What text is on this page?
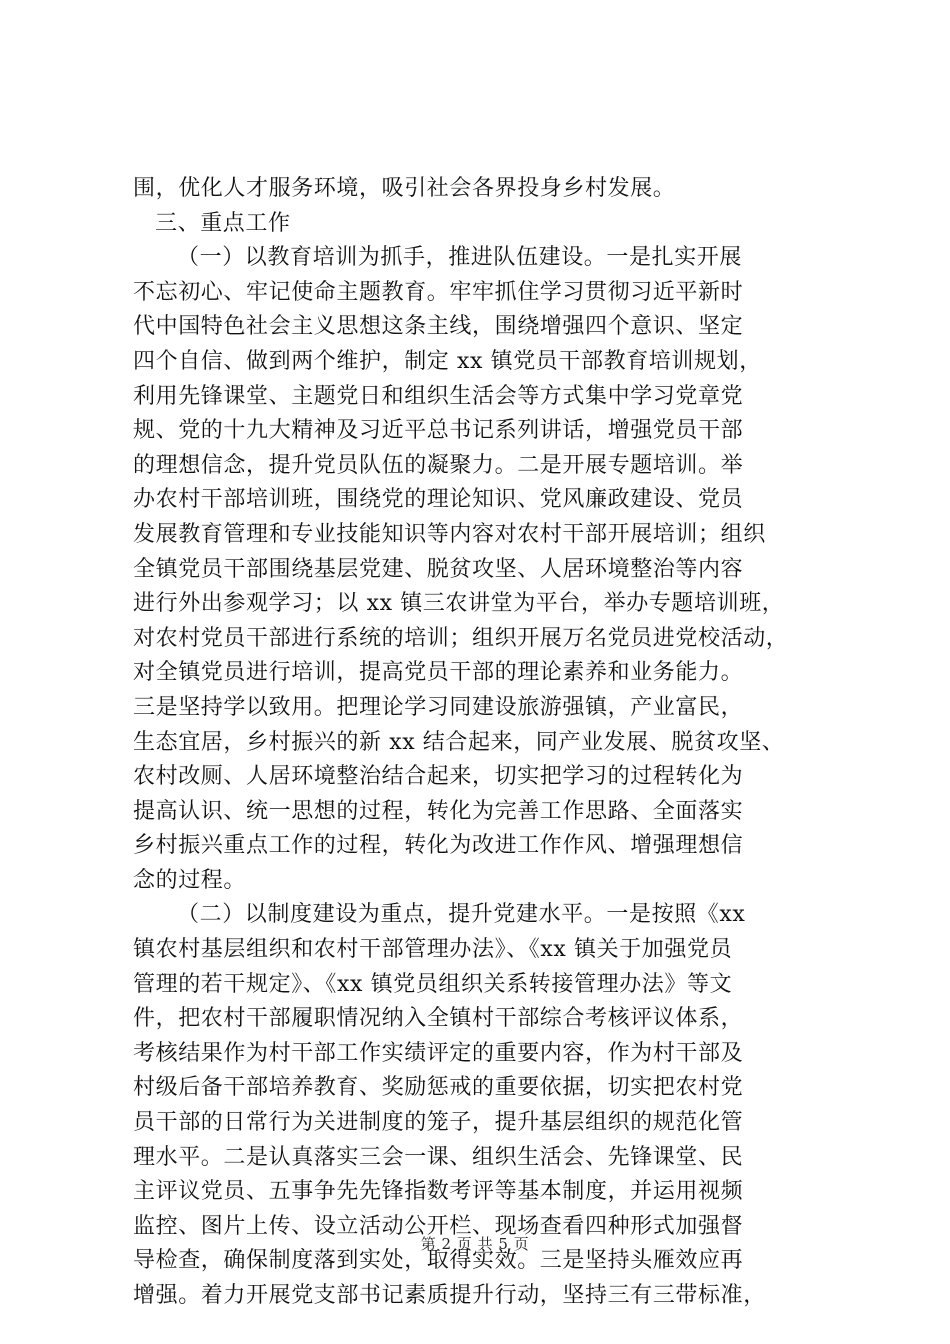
围，优化人才服务环境，吸引社会各界投身乡村发展。
三、重点工作
（一）以教育培训为抓手，推进队伍建设。一是扎实开展
不忘初心、牢记使命主题教育。牢牢抓住学习贯彻习近平新时
代中国特色社会主义思想这条主线，围绕增强四个意识、坚定
四个自信、做到两个维护，制定 xx 镇党员干部教育培训规划，
利用先锋课堂、主题党日和组织生活会等方式集中学习党章党
规、党的十九大精神及习近平总书记系列讲话，增强党员干部
的理想信念，提升党员队伍的凝聚力。二是开展专题培训。举
办农村干部培训班，围绕党的理论知识、党风廉政建设、党员
发展教育管理和专业技能知识等内容对农村干部开展培训；组织
全镇党员干部围绕基层党建、脱贫攻坚、人居环境整治等内容
进行外出参观学习；以 xx 镇三农讲堂为平台，举办专题培训班，
对农村党员干部进行系统的培训；组织开展万名党员进党校活动，
对全镇党员进行培训，提高党员干部的理论素养和业务能力。
三是坚持学以致用。把理论学习同建设旅游强镇，产业富民，
生态宜居，乡村振兴的新 xx 结合起来，同产业发展、脱贫攻坚、
农村改厕、人居环境整治结合起来，切实把学习的过程转化为
提高认识、统一思想的过程，转化为完善工作思路、全面落实
乡村振兴重点工作的过程，转化为改进工作作风、增强理想信
念的过程。
（二）以制度建设为重点，提升党建水平。一是按照《xx
镇农村基层组织和农村干部管理办法》、《xx 镇关于加强党员
管理的若干规定》、《xx 镇党员组织关系转接管理办法》等文
件，把农村干部履职情况纳入全镇村干部综合考核评议体系，
考核结果作为村干部工作实绩评定的重要内容，作为村干部及
村级后备干部培养教育、奖励惩戒的重要依据，切实把农村党
员干部的日常行为关进制度的笼子，提升基层组织的规范化管
理水平。二是认真落实三会一课、组织生活会、先锋课堂、民
主评议党员、五事争先先锋指数考评等基本制度，并运用视频
监控、图片上传、设立活动公开栏、现场查看四种形式加强督
导检查，确保制度落到实处，取得实效。三是坚持头雁效应再
增强。着力开展党支部书记素质提升行动，坚持三有三带标准，
第 2 页 共 5 页
